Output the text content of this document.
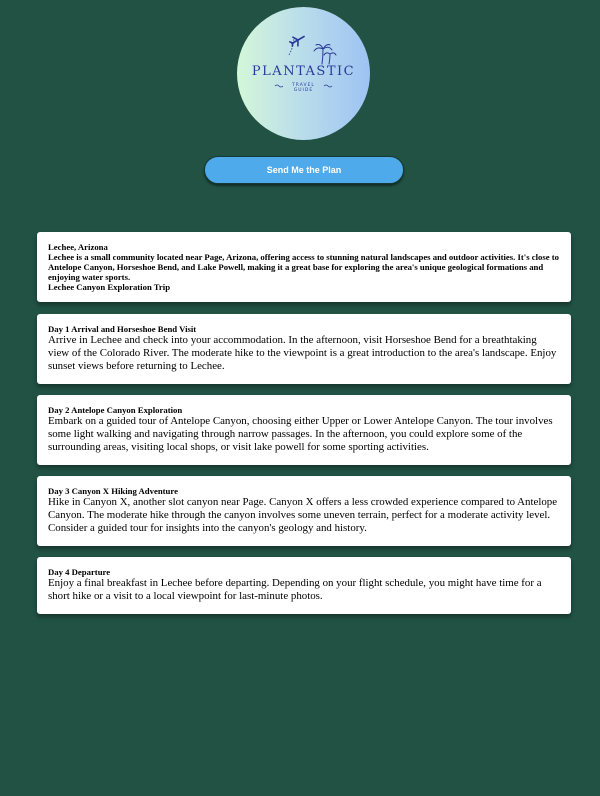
PLANTASTIC
TRAVEL
GUIDE
Send Me the Plan
Lechee, Arizona
Lechee is a small community located near Page, Arizona, offering access to stunning natural landscapes and outdoor activities. It's close to Antelope Canyon, Horseshoe Bend, and Lake Powell, making it a great base for exploring the area's unique geological formations and enjoying water sports.
Lechee Canyon Exploration Trip
Day 1 Arrival and Horseshoe Bend Visit
Arrive in Lechee and check into your accommodation. In the afternoon, visit Horseshoe Bend for a breathtaking view of the Colorado River. The moderate hike to the viewpoint is a great introduction to the area's landscape. Enjoy sunset views before returning to Lechee.
Day 2 Antelope Canyon Exploration
Embark on a guided tour of Antelope Canyon, choosing either Upper or Lower Antelope Canyon. The tour involves some light walking and navigating through narrow passages. In the afternoon, you could explore some of the surrounding areas, visiting local shops, or visit lake powell for some sporting activities.
Day 3 Canyon X Hiking Adventure
Hike in Canyon X, another slot canyon near Page. Canyon X offers a less crowded experience compared to Antelope Canyon. The moderate hike through the canyon involves some uneven terrain, perfect for a moderate activity level. Consider a guided tour for insights into the canyon's geology and history.
Day 4 Departure
Enjoy a final breakfast in Lechee before departing. Depending on your flight schedule, you might have time for a short hike or a visit to a local viewpoint for last-minute photos.
